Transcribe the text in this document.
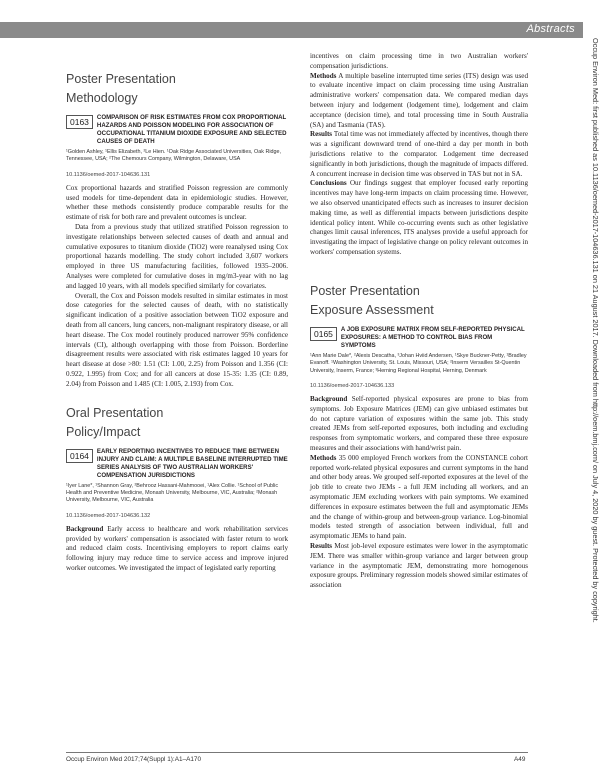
Abstracts
Occup Environ Med: first published as 10.1136/oemed-2017-104636.131 on 21 August 2017. Downloaded from http://oem.bmj.com/ on July 4, 2020 by guest. Protected by copyright.
Poster Presentation
Methodology
0163	COMPARISON OF RISK ESTIMATES FROM COX PROPORTIONAL HAZARDS AND POISSON MODELING FOR ASSOCIATION OF OCCUPATIONAL TITANIUM DIOXIDE EXPOSURE AND SELECTED CAUSES OF DEATH
¹Golden Ashley, ¹Ellis Elizabeth, ²Le Hien. ¹Oak Ridge Associated Universities, Oak Ridge, Tennessee, USA; ²The Chemours Company, Wilmington, Delaware, USA
10.1136/oemed-2017-104636.131

Cox proportional hazards and stratified Poisson regression are commonly used models for time-dependent data in epidemiologic studies. However, whether these methods consistently produce comparable results for the estimate of risk for both rare and prevalent outcomes is unclear.

Data from a previous study that utilized stratified Poisson regression to investigate relationships between selected causes of death and annual and cumulative exposures to titanium dioxide (TiO2) were reanalysed using Cox proportional hazards modelling. The study cohort included 3,607 workers employed in three US manufacturing facilities, followed 1935–2006. Analyses were completed for cumulative doses in mg/m3-year with no lag and lagged 10 years, with all models specified similarly for covariates.

Overall, the Cox and Poisson models resulted in similar estimates in most dose categories for the selected causes of death, with no statistically significant indication of a positive association between TiO2 exposure and death from all cancers, lung cancers, non-malignant respiratory disease, or all heart disease. The Cox model routinely produced narrower 95% confidence intervals (CI), although overlapping with those from Poisson. Borderline disagreement results were associated with risk estimates lagged 10 years for heart disease at dose >80: 1.51 (CI: 1.00, 2.25) from Poisson and 1.356 (CI: 0.922, 1.995) from Cox; and for all cancers at dose 15-35: 1.35 (CI: 0.89, 2.04) from Poisson and 1.485 (CI: 1.005, 2.193) from Cox.

Oral Presentation
Policy/Impact
0164	EARLY REPORTING INCENTIVES TO REDUCE TIME BETWEEN INJURY AND CLAIM: A MULTIPLE BASELINE INTERRUPTED TIME SERIES ANALYSIS OF TWO AUSTRALIAN WORKERS' COMPENSATION JURISDICTIONS
¹Iyer Lane*, ¹Shannon Gray, ²Behrooz Hassani-Mahmooei, ¹Alex Collie. ¹School of Public Health and Preventive Medicine, Monash University, Melbourne, VIC, Australia; ²Monash University, Melbourne, VIC, Australia
10.1136/oemed-2017-104636.132

Background Early access to healthcare and work rehabilitation services provided by workers' compensation is associated with faster return to work and reduced claim costs. Incentivising employers to report claims early following injury may reduce time to service access and improve injured worker outcomes. We investigated the impact of legislated early reporting

incentives on claim processing time in two Australian workers' compensation jurisdictions.

Methods A multiple baseline interrupted time series (ITS) design was used to evaluate incentive impact on claim processing time using Australian administrative workers' compensation data. We compared median days between injury and lodgement (lodgement time), lodgement and claim acceptance (decision time), and total processing time in South Australia (SA) and Tasmania (TAS).

Results Total time was not immediately affected by incentives, though there was a significant downward trend of one-third a day per month in both jurisdictions relative to the comparator. Lodgement time decreased significantly in both jurisdictions, though the magnitude of impacts differed. A concurrent increase in decision time was observed in TAS but not in SA.

Conclusions Our findings suggest that employer focused early reporting incentives may have long-term impacts on claim processing time. However, we also observed unanticipated effects such as increases to insurer decision making time, as well as differential impacts between jurisdictions despite identical policy intent. While co-occurring events such as other legislative changes limit causal inferences, ITS analyses provide a useful approach for investigating the impact of legislative change on policy relevant outcomes in workers' compensation systems.

Poster Presentation
Exposure Assessment
0165	A JOB EXPOSURE MATRIX FROM SELF-REPORTED PHYSICAL EXPOSURES: A METHOD TO CONTROL BIAS FROM SYMPTOMS
¹Ann Marie Dale*, ²Alexis Descatha, ³Johan Hviid Andersen, ¹Skye Buckner-Petty, ¹Bradley Evanoff. ¹Washington University, St. Louis, Missouri, USA; ²Inserm Versailles St-Quentin University, Inserm, France; ³Herning Regional Hospital, Herning, Denmark
10.1136/oemed-2017-104636.133

Background Self-reported physical exposures are prone to bias from symptoms. Job Exposure Matrices (JEM) can give unbiased estimates but do not capture variation of exposures within the same job. This study created JEMs from self-reported exposures, both including and excluding responses from symptomatic workers, and compared these three exposure measures and their associations with hand/wrist pain.

Methods 35 000 employed French workers from the CONSTANCE cohort reported work-related physical exposures and current symptoms in the hand and other body areas. We grouped self-reported exposures at the level of the job title to create two JEMs - a full JEM including all workers, and an asymptomatic JEM excluding workers with pain symptoms. We examined differences in exposure estimates between the full and asymptomatic JEMs and the change of within-group and between-group variance. Log-binomial models tested strength of association between individual, full and asymptomatic JEMs to hand pain.

Results Most job-level exposure estimates were lower in the asymptomatic JEM. There was smaller within-group variance and larger between group variance in the asymptomatic JEM, demonstrating more homogenous exposure groups. Preliminary regression models showed similar estimates of association

Occup Environ Med 2017;74(Suppl 1):A1–A170	A49
